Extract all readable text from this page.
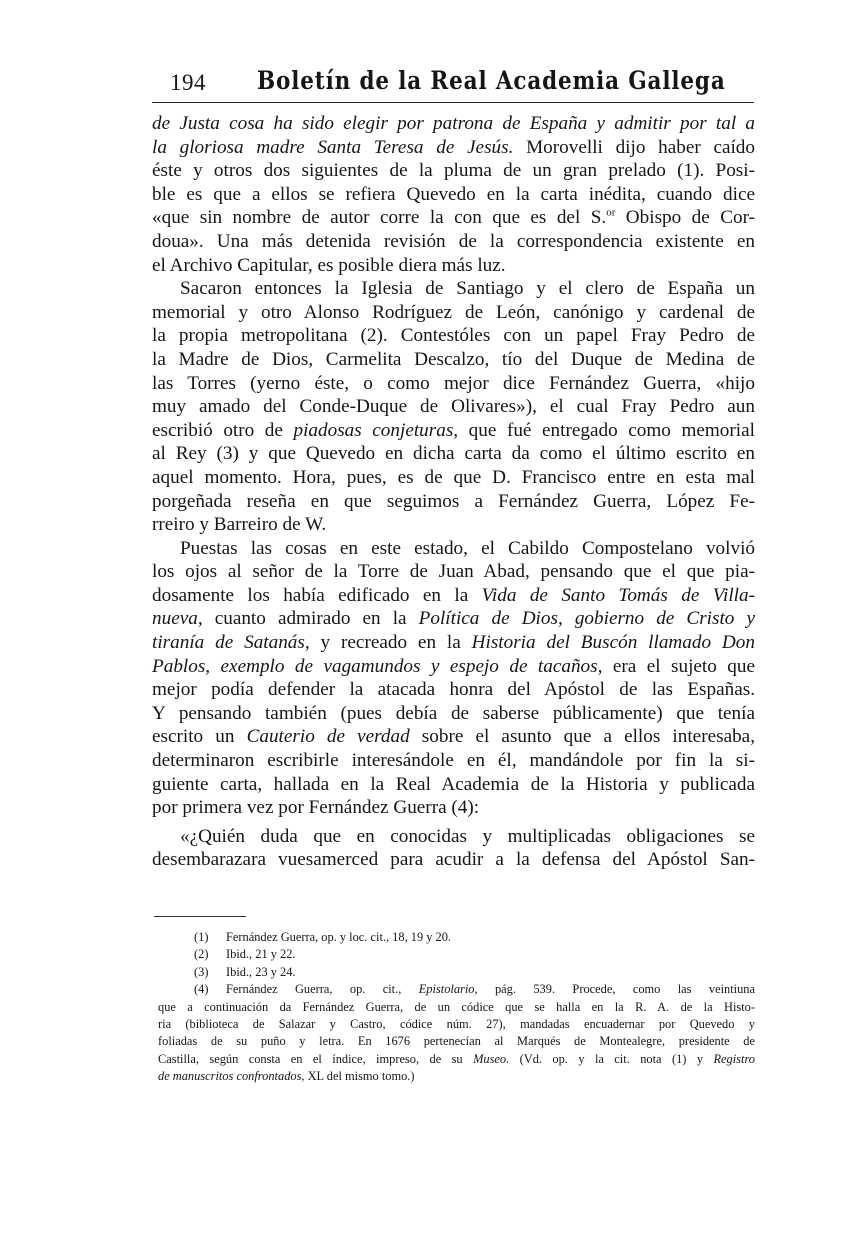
194 Boletín de la Real Academia Gallega
de Justa cosa ha sido elegir por patrona de España y admitir por tal a
la gloriosa madre Santa Teresa de Jesús. Morovelli dijo haber caído
éste y otros dos siguientes de la pluma de un gran prelado (1). Posi-
ble es que a ellos se refiera Quevedo en la carta inédita, cuando dice
«que sin nombre de autor corre la con que es del S.$^{or}$ Obispo de Cor-
doua». Una más detenida revisión de la correspondencia existente en
el Archivo Capitular, es posible diera más luz.
Sacaron entonces la Iglesia de Santiago y el clero de España un
memorial y otro Alonso Rodríguez de León, canónigo y cardenal de
la propia metropolitana (2). Contestóles con un papel Fray Pedro de
la Madre de Dios, Carmelita Descalzo, tío del Duque de Medina de
las Torres (yerno éste, o como mejor dice Fernández Guerra, «hijo
muy amado del Conde-Duque de Olivares»), el cual Fray Pedro aun
escribió otro de piadosas conjeturas, que fué entregado como memorial
al Rey (3) y que Quevedo en dicha carta da como el último escrito en
aquel momento. Hora, pues, es de que D. Francisco entre en esta mal
porgeñada reseña en que seguimos a Fernández Guerra, López Fe-
rreiro y Barreiro de W.
Puestas las cosas en este estado, el Cabildo Compostelano volvió
los ojos al señor de la Torre de Juan Abad, pensando que el que pia-
dosamente los había edificado en la Vida de Santo Tomás de Villa-
nueva, cuanto admirado en la Política de Dios, gobierno de Cristo y
tiranía de Satanás, y recreado en la Historia del Buscón llamado Don
Pablos, exemplo de vagamundos y espejo de tacaños, era el sujeto que
mejor podía defender la atacada honra del Apóstol de las Españas.
Y pensando también (pues debía de saberse públicamente) que tenía
escrito un Cauterio de verdad sobre el asunto que a ellos interesaba,
determinaron escribirle interesándole en él, mandándole por fin la si-
guiente carta, hallada en la Real Academia de la Historia y publicada
por primera vez por Fernández Guerra (4):
«¿Quién duda que en conocidas y multiplicadas obligaciones se
desembarazara vuesamerced para acudir a la defensa del Apóstol San-
(1) Fernández Guerra, op. y loc. cit., 18, 19 y 20.
(2) Ibid., 21 y 22.
(3) Ibid., 23 y 24.
(4) Fernández Guerra, op. cit., Epistolario, pág. 539. Procede, como las veintiuna
que a continuación da Fernández Guerra, de un códice que se halla en la R. A. de la Histo-
ria (biblioteca de Salazar y Castro, códice núm. 27), mandadas encuadernar por Quevedo y
foliadas de su puño y letra. En 1676 pertenecían al Marqués de Montealegre, presidente de
Castilla, según consta en el índice, impreso, de su Museo. (Vd. op. y la cit. nota (1) y Registro
de manuscritos confrontados, XL del mismo tomo.)
